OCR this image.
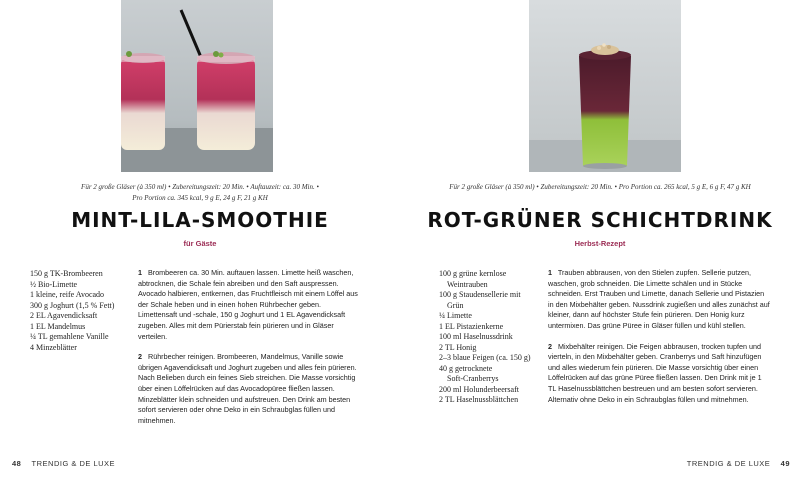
Für 2 große Gläser (à 350 ml) • Zubereitungszeit: 20 Min. • Auftauzeit: ca. 30 Min. •
Pro Portion ca. 345 kcal, 9 g E, 24 g F, 21 g KH
MINT-LILA-SMOOTHIE
für Gäste
150 g TK-Brombeeren
½ Bio-Limette
1 kleine, reife Avocado
300 g Joghurt (1,5 % Fett)
2 EL Agavendicksaft
1 EL Mandelmus
¼ TL gemahlene Vanille
4 Minzeblätter

1 Brombeeren ca. 30 Min. auftauen lassen. Limette heiß waschen, abtrocknen, die Schale fein abreiben und den Saft auspressen. Avocado halbieren, entkernen, das Fruchtfleisch mit einem Löffel aus der Schale heben und in einen hohen Rührbecher geben. Limettensaft und -schale, 150 g Joghurt und 1 EL Agavendicksaft zugeben. Alles mit dem Pürierstab fein pürieren und in Gläser verteilen.

2 Rührbecher reinigen. Brombeeren, Mandelmus, Vanille sowie übrigen Agavendicksaft und Joghurt zugeben und alles fein pürieren. Nach Belieben durch ein feines Sieb streichen. Die Masse vorsichtig über einen Löffelrücken auf das Avocadopüree fließen lassen. Minzeblätter klein schneiden und aufstreuen. Den Drink am besten sofort servieren oder ohne Deko in ein Schraubglas füllen und mitnehmen.

48 TRENDIG & DE LUXE
Für 2 große Gläser (à 350 ml) • Zubereitungszeit: 20 Min. • Pro Portion ca. 265 kcal, 5 g E, 6 g F, 47 g KH
ROT-GRÜNER SCHICHTDRINK
Herbst-Rezept
100 g grüne kernlose
Weintrauben
100 g Staudensellerie mit
Grün
¼ Limette
1 EL Pistazienkerne
100 ml Haselnussdrink
2 TL Honig
2–3 blaue Feigen (ca. 150 g)
40 g getrocknete
Soft-Cranberrys
200 ml Holunderbeersaft
2 TL Haselnussblättchen

1 Trauben abbrausen, von den Stielen zupfen. Sellerie putzen, waschen, grob schneiden. Die Limette schälen und in Stücke schneiden. Erst Trauben und Limette, danach Sellerie und Pistazien in den Mixbehälter geben. Nussdrink zugießen und alles zunächst auf kleiner, dann auf höchster Stufe fein pürieren. Den Honig kurz untermixen. Das grüne Püree in Gläser füllen und kühl stellen.

2 Mixbehälter reinigen. Die Feigen abbrausen, trocken tupfen und vierteln, in den Mixbehälter geben. Cranberrys und Saft hinzufügen und alles wiederum fein pürieren. Die Masse vorsichtig über einen Löffelrücken auf das grüne Püree fließen lassen. Den Drink mit je 1 TL Haselnussblättchen bestreuen und am besten sofort servieren. Alternativ ohne Deko in ein Schraubglas füllen und mitnehmen.

TRENDIG & DE LUXE 49
